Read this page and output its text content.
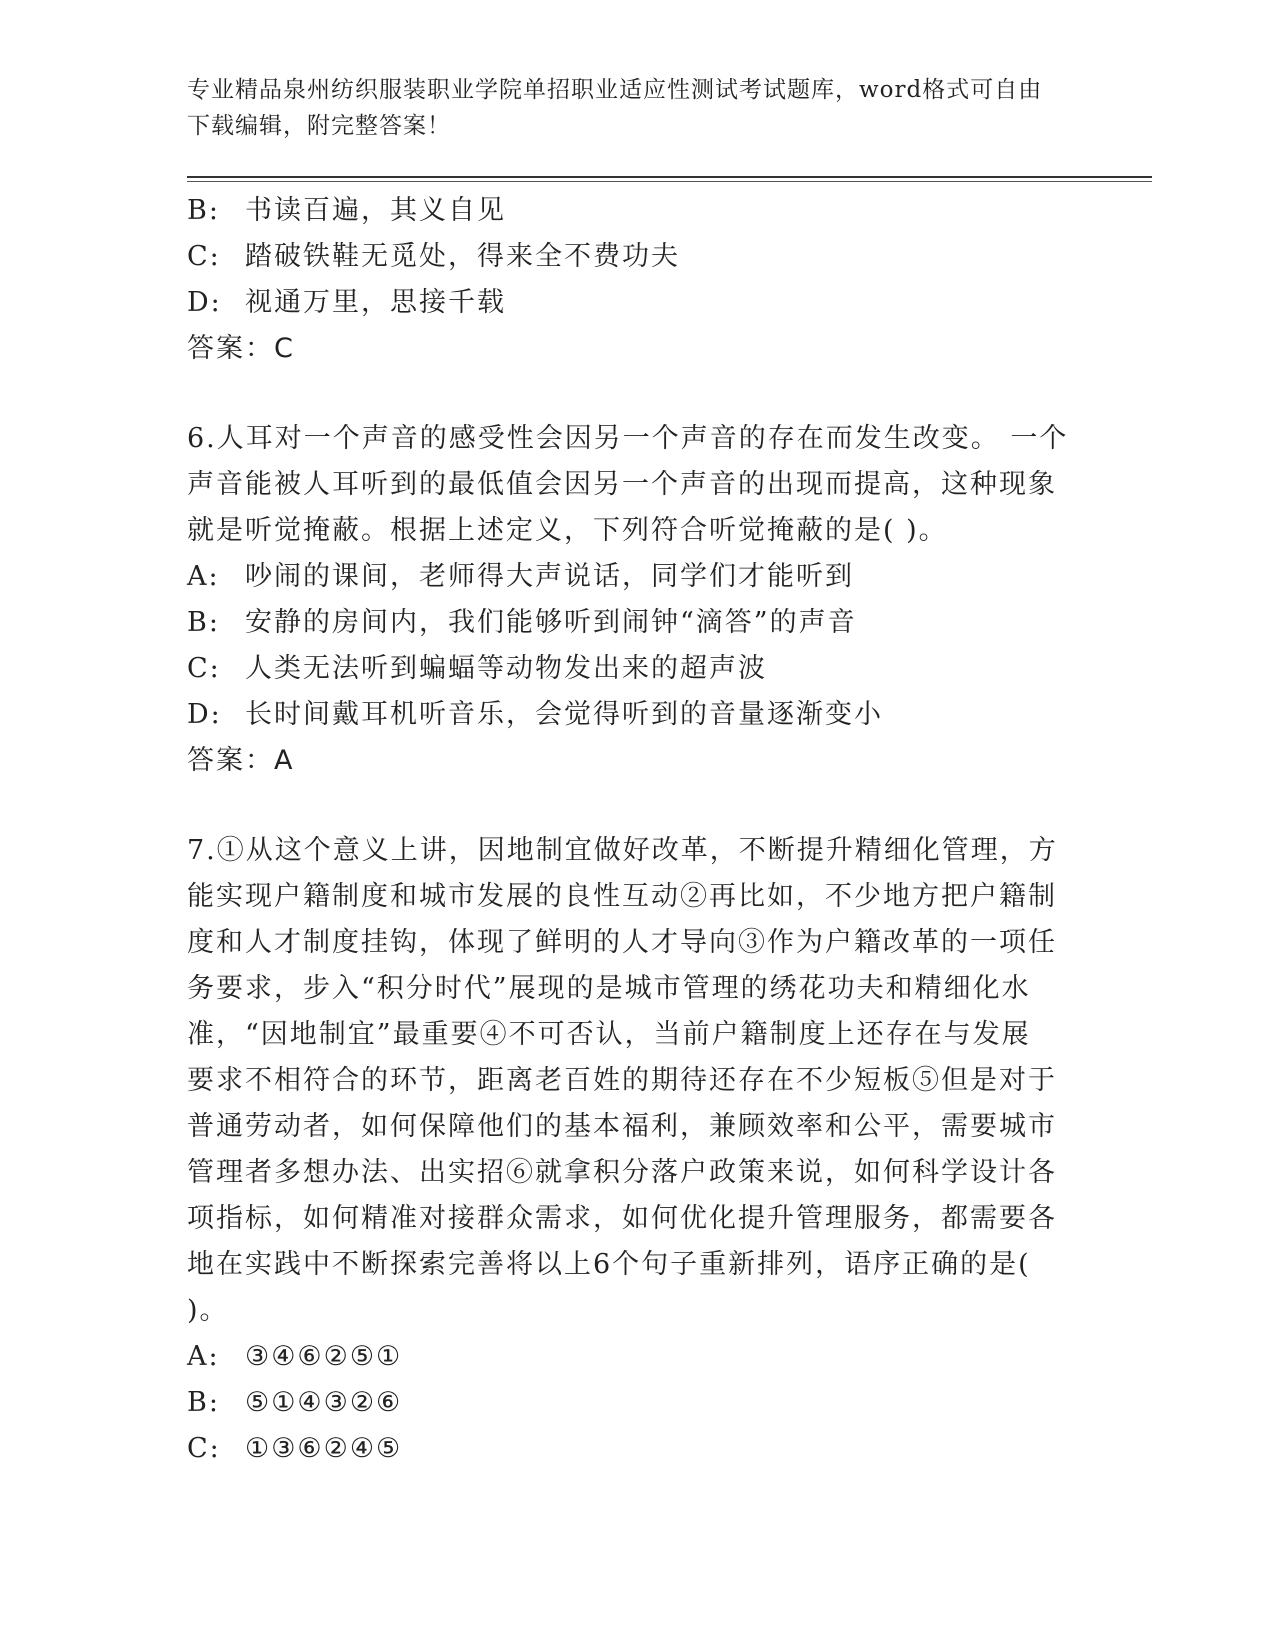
专业精品泉州纺织服装职业学院单招职业适应性测试考试题库，word格式可自由
下载编辑，附完整答案！
B: 书读百遍，其义自见
C: 踏破铁鞋无觅处，得来全不费功夫
D: 视通万里，思接千载
答案：C
6.人耳对一个声音的感受性会因另一个声音的存在而发生改变。 一个
声音能被人耳听到的最低值会因另一个声音的出现而提高，这种现象
就是听觉掩蔽。根据上述定义，下列符合听觉掩蔽的是( )。
A: 吵闹的课间，老师得大声说话，同学们才能听到
B: 安静的房间内，我们能够听到闹钟“滴答”的声音
C: 人类无法听到蝙蝠等动物发出来的超声波
D: 长时间戴耳机听音乐，会觉得听到的音量逐渐变小
答案：A
7.①从这个意义上讲，因地制宜做好改革，不断提升精细化管理，方
能实现户籍制度和城市发展的良性互动②再比如，不少地方把户籍制
度和人才制度挂钩，体现了鲜明的人才导向③作为户籍改革的一项任
务要求，步入“积分时代”展现的是城市管理的绣花功夫和精细化水
准，“因地制宜”最重要④不可否认，当前户籍制度上还存在与发展
要求不相符合的环节，距离老百姓的期待还存在不少短板⑤但是对于
普通劳动者，如何保障他们的基本福利，兼顾效率和公平，需要城市
管理者多想办法、出实招⑥就拿积分落户政策来说，如何科学设计各
项指标，如何精准对接群众需求，如何优化提升管理服务，都需要各
地在实践中不断探索完善将以上6个句子重新排列，语序正确的是(
)。
A: ③④⑥②⑤①
B: ⑤①④③②⑥
C: ①③⑥②④⑤
